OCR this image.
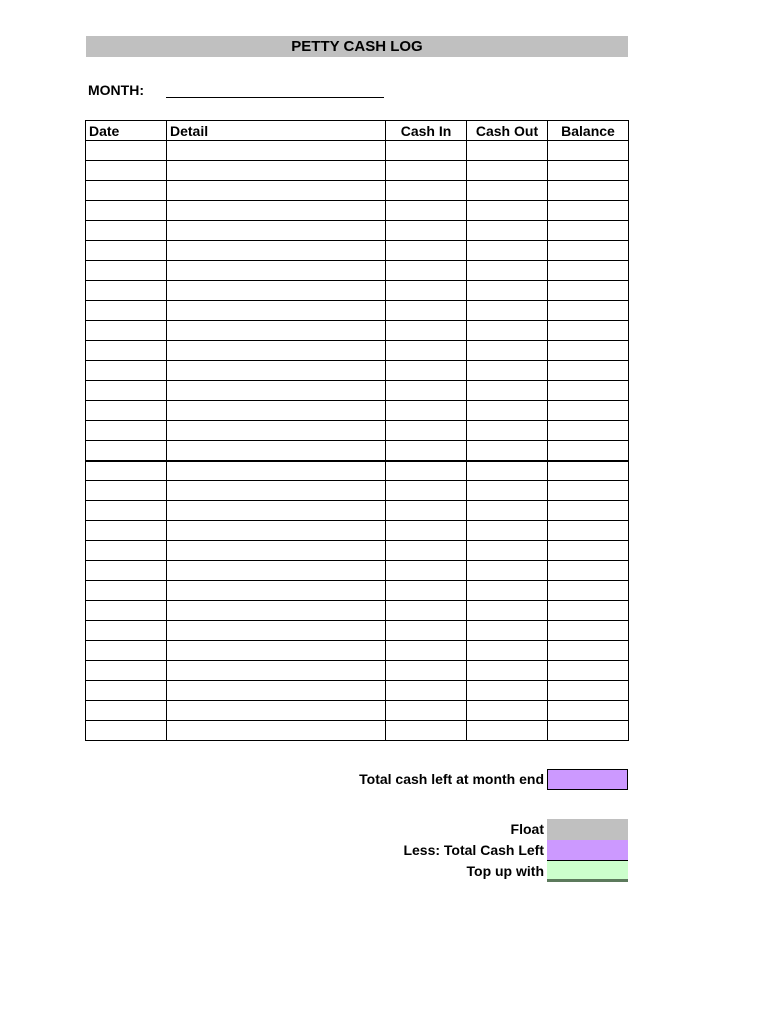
PETTY CASH LOG
MONTH:
Date	Detail	Cash In	Cash Out	Balance

Total cash left at month end
Float
Less: Total Cash Left
Top up with
